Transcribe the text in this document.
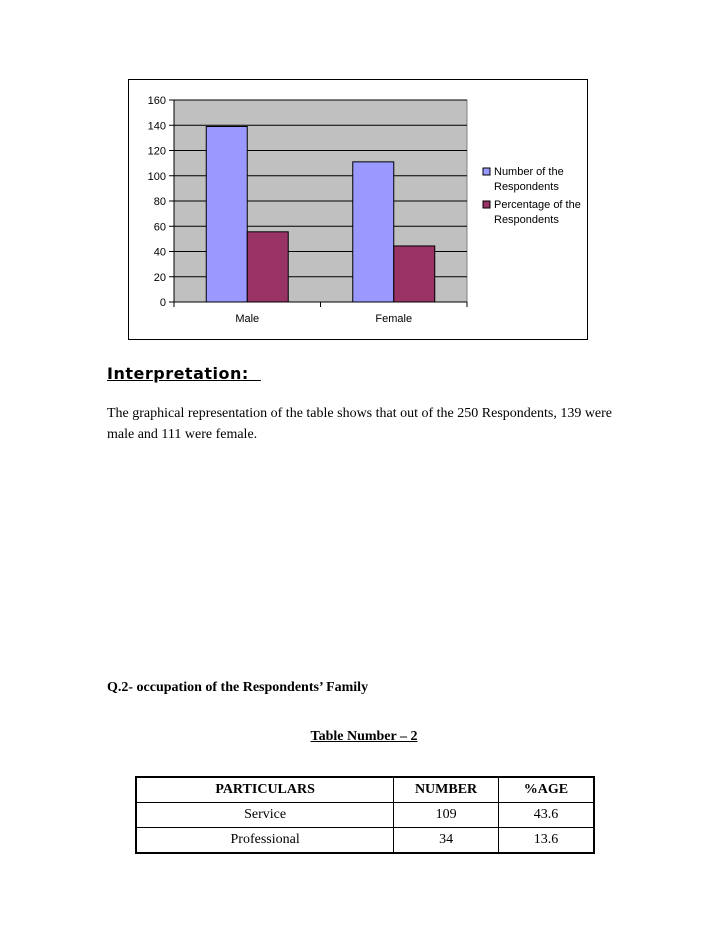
0
20
40
60
80
100
120
140
160
Male	Female
Number of the
Respondents
Percentage of the
Respondents
Interpretation:
The graphical representation of the table shows that out of the 250 Respondents, 139 were male and 111 were female.
Q.2- occupation of the Respondents’ Family
Table Number – 2
PARTICULARS	NUMBER	%AGE
Service	109	43.6
Professional	34	13.6
